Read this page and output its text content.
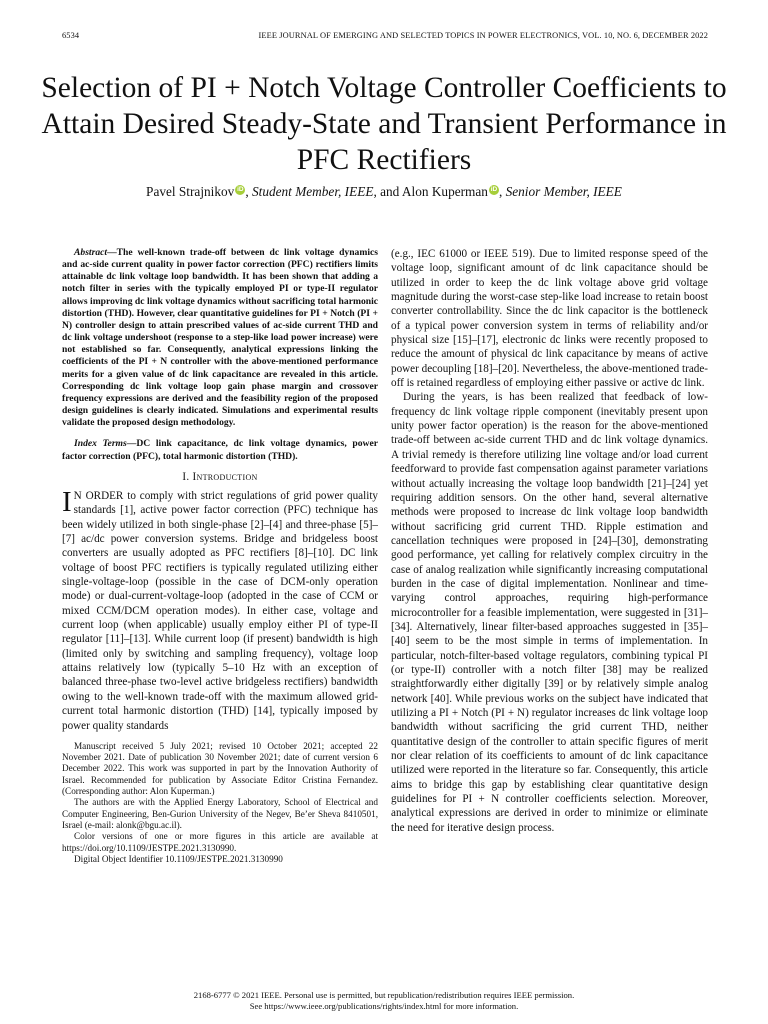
6534	IEEE JOURNAL OF EMERGING AND SELECTED TOPICS IN POWER ELECTRONICS, VOL. 10, NO. 6, DECEMBER 2022
Selection of PI + Notch Voltage Controller Coefficients to Attain Desired Steady-State and Transient Performance in PFC Rectifiers
Pavel Strajnikov iD , Student Member, IEEE, and Alon Kuperman iD , Senior Member, IEEE

Abstract—The well-known trade-off between dc link voltage dynamics and ac-side current quality in power factor correction (PFC) rectifiers limits attainable dc link voltage loop bandwidth. It has been shown that adding a notch filter in series with the typically employed PI or type-II regulator allows improving dc link voltage dynamics without sacrificing total harmonic distortion (THD). However, clear quantitative guidelines for PI + Notch (PI + N) controller design to attain prescribed values of ac-side current THD and dc link voltage undershoot (response to a step-like load power increase) were not established so far. Consequently, analytical expressions linking the coefficients of the PI + N controller with the above-mentioned performance merits for a given value of dc link capacitance are revealed in this article. Corresponding dc link voltage loop gain phase margin and crossover frequency expressions are derived and the feasibility region of the proposed design guidelines is clearly indicated. Simulations and experimental results validate the proposed design methodology.

Index Terms—DC link capacitance, dc link voltage dynamics, power factor correction (PFC), total harmonic distortion (THD).

I. Introduction

I N ORDER to comply with strict regulations of grid power quality standards [1], active power factor correction (PFC) technique has been widely utilized in both single-phase [2]–[4] and three-phase [5]–[7] ac/dc power conversion systems. Bridge and bridgeless boost converters are usually adopted as PFC rectifiers [8]–[10]. DC link voltage of boost PFC rectifiers is typically regulated utilizing either single-voltage-loop (possible in the case of DCM-only operation mode) or dual-current-voltage-loop (adopted in the case of CCM or mixed CCM/DCM operation modes). In either case, voltage and current loop (when applicable) usually employ either PI of type-II regulator [11]–[13]. While current loop (if present) bandwidth is high (limited only by switching and sampling frequency), voltage loop attains relatively low (typically 5–10 Hz with an exception of balanced three-phase two-level active bridgeless rectifiers) bandwidth owing to the well-known trade-off with the maximum allowed grid-current total harmonic distortion (THD) [14], typically imposed by power quality standards

Manuscript received 5 July 2021; revised 10 October 2021; accepted 22 November 2021. Date of publication 30 November 2021; date of current version 6 December 2022. This work was supported in part by the Innovation Authority of Israel. Recommended for publication by Associate Editor Cristina Fernandez. (Corresponding author: Alon Kuperman.)

The authors are with the Applied Energy Laboratory, School of Electrical and Computer Engineering, Ben-Gurion University of the Negev, Be’er Sheva 8410501, Israel (e-mail: alonk@bgu.ac.il).

Color versions of one or more figures in this article are available at https://doi.org/10.1109/JESTPE.2021.3130990.

Digital Object Identifier 10.1109/JESTPE.2021.3130990

(e.g., IEC 61000 or IEEE 519). Due to limited response speed of the voltage loop, significant amount of dc link capacitance should be utilized in order to keep the dc link voltage above grid voltage magnitude during the worst-case step-like load increase to retain boost converter controllability. Since the dc link capacitor is the bottleneck of a typical power conversion system in terms of reliability and/or physical size [15]–[17], electronic dc links were recently proposed to reduce the amount of physical dc link capacitance by means of active power decoupling [18]–[20]. Nevertheless, the above-mentioned trade-off is retained regardless of employing either passive or active dc link.

During the years, is has been realized that feedback of low-frequency dc link voltage ripple component (inevitably present upon unity power factor operation) is the reason for the above-mentioned trade-off between ac-side current THD and dc link voltage dynamics. A trivial remedy is therefore utilizing line voltage and/or load current feedforward to provide fast compensation against parameter variations without actually increasing the voltage loop bandwidth [21]–[24] yet requiring addition sensors. On the other hand, several alternative methods were proposed to increase dc link voltage loop bandwidth without sacrificing grid current THD. Ripple estimation and cancellation techniques were proposed in [24]–[30], demonstrating good performance, yet calling for relatively complex circuitry in the case of analog realization while significantly increasing computational burden in the case of digital implementation. Nonlinear and time-varying control approaches, requiring high-performance microcontroller for a feasible implementation, were suggested in [31]–[34]. Alternatively, linear filter-based approaches suggested in [35]–[40] seem to be the most simple in terms of implementation. In particular, notch-filter-based voltage regulators, combining typical PI (or type-II) controller with a notch filter [38] may be realized straightforwardly either digitally [39] or by relatively simple analog network [40]. While previous works on the subject have indicated that utilizing a PI + Notch (PI + N) regulator increases dc link voltage loop bandwidth without sacrificing the grid current THD, neither quantitative design of the controller to attain specific figures of merit nor clear relation of its coefficients to amount of dc link capacitance utilized were reported in the literature so far. Consequently, this article aims to bridge this gap by establishing clear quantitative design guidelines for PI + N controller coefficients selection. Moreover, analytical expressions are derived in order to minimize or eliminate the need for iterative design process.

2168-6777 © 2021 IEEE. Personal use is permitted, but republication/redistribution requires IEEE permission.
See https://www.ieee.org/publications/rights/index.html for more information.
